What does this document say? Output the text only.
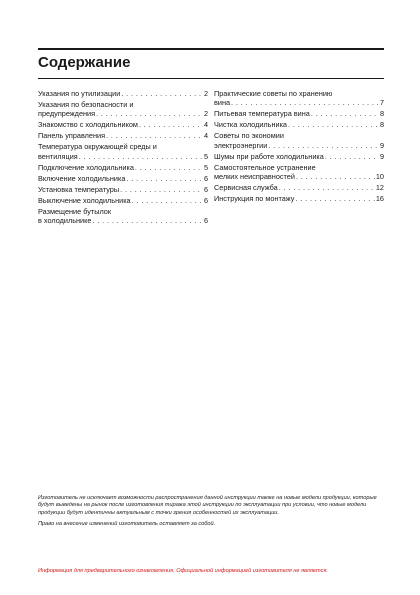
Содержание
Указания по утилизации . . .	2
Указания по безопасности и
предупреждения . . .	2
Знакомство с холодильником . . .	4
Панель управления . . .	4
Температура окружающей среды и
вентиляция . . .	5
Подключение холодильника . . .	5
Включение холодильника . . .	6
Установка температуры . . .	6
Выключение холодильника . . .	6
Размещение бутылок
в холодильнике . . .	6
Практические советы по хранению
вина . . .	7
Питьевая температура вина . . .	8
Чистка холодильника . . .	8
Советы по экономии
электроэнергии . . .	9
Шумы при работе холодильника . . .	9
Самостоятельное устранение
мелких неисправностей . . .	10
Сервисная служба . . .	12
Инструкция по монтажу . . .	16

Изготовитель не исключает возможности распространения данной инструкции также на новые модели продукции, которые будут выведены на рынок после изготовления тиража этой инструкции по эксплуатации при условии, что новые модели продукции будут идентичны актуальным с точки зрения особенностей их эксплуатации.

Право на внесение изменений изготовитель оставляет за собой.

Информация для предварительного ознакомления. Официальной информацией изготовителя не является.
